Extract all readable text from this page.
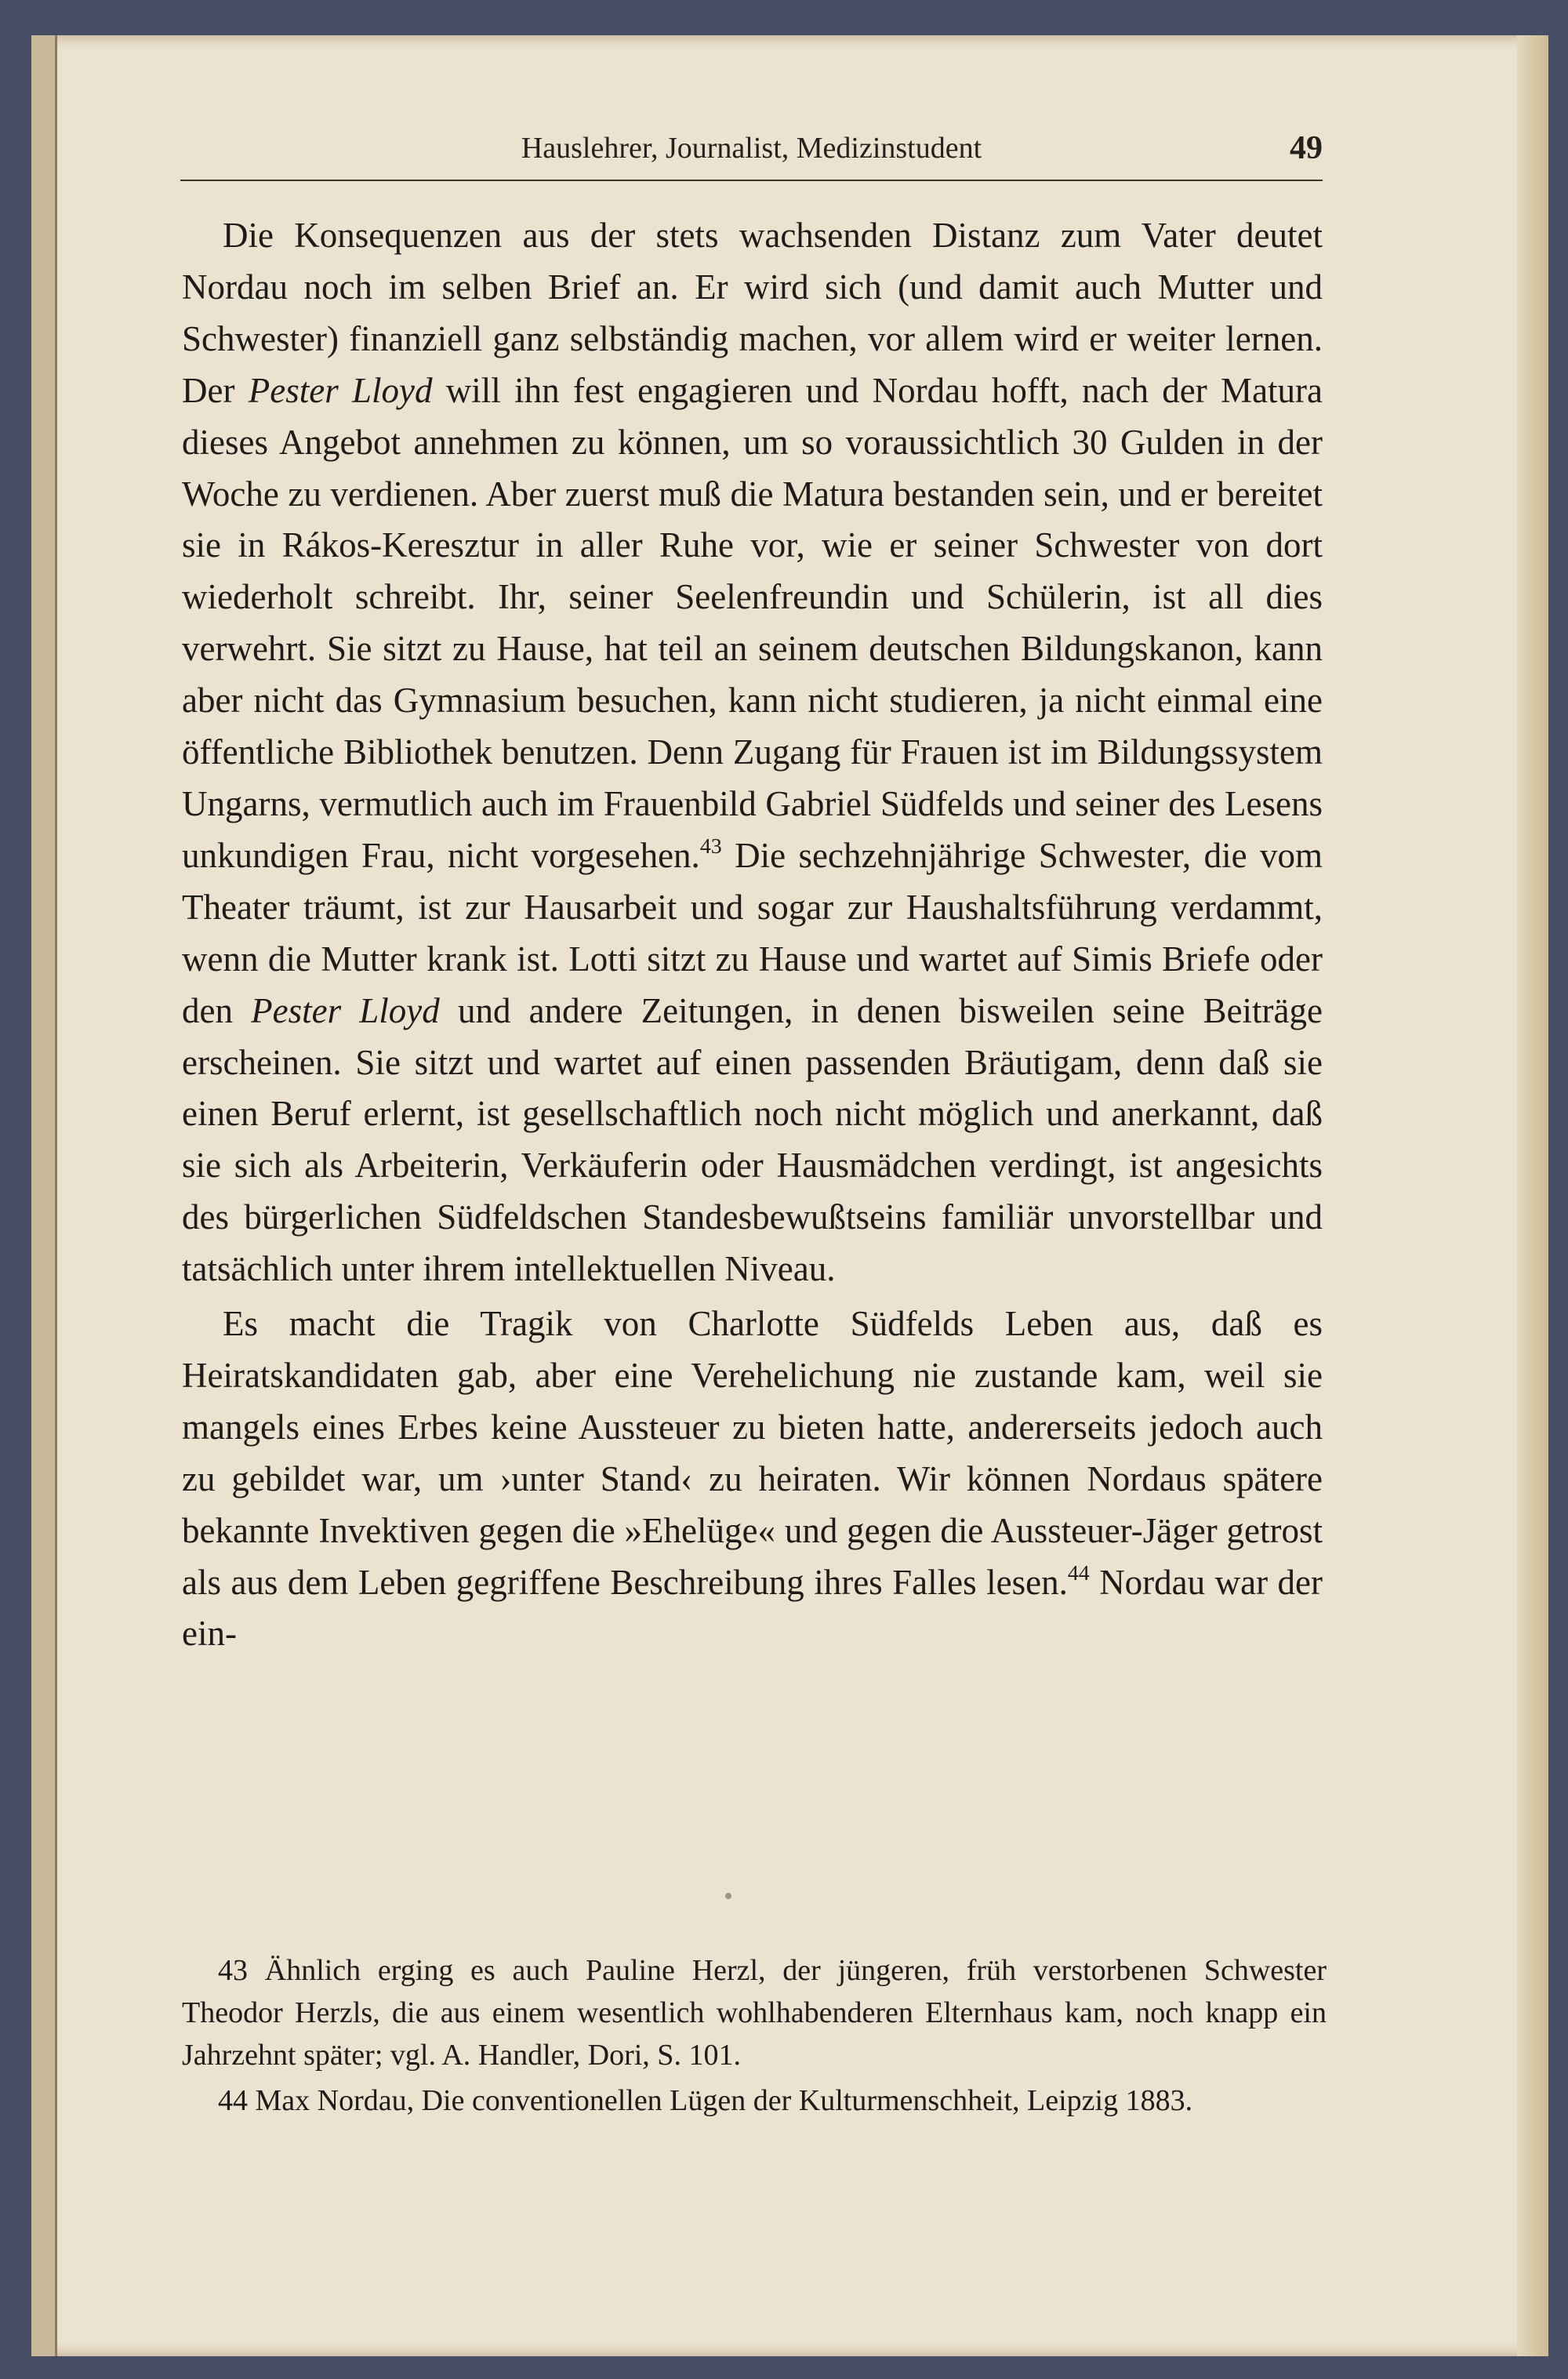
Hauslehrer, Journalist, Medizinstudent	49

Die Konsequenzen aus der stets wachsenden Distanz zum Vater deutet Nordau noch im selben Brief an. Er wird sich (und damit auch Mutter und Schwester) finanziell ganz selbständig machen, vor allem wird er weiter lernen. Der Pester Lloyd will ihn fest engagieren und Nordau hofft, nach der Matura dieses Angebot annehmen zu können, um so voraussichtlich 30 Gulden in der Woche zu verdienen. Aber zuerst muß die Matura bestanden sein, und er bereitet sie in Rákos-Keresztur in aller Ruhe vor, wie er seiner Schwester von dort wiederholt schreibt. Ihr, seiner Seelenfreundin und Schülerin, ist all dies verwehrt. Sie sitzt zu Hause, hat teil an seinem deutschen Bildungskanon, kann aber nicht das Gymnasium besuchen, kann nicht studieren, ja nicht einmal eine öffentliche Bibliothek benutzen. Denn Zugang für Frauen ist im Bildungssystem Ungarns, vermutlich auch im Frauenbild Gabriel Südfelds und seiner des Lesens unkundigen Frau, nicht vorgesehen.$^{43}$ Die sechzehnjährige Schwester, die vom Theater träumt, ist zur Hausarbeit und sogar zur Haushaltsführung verdammt, wenn die Mutter krank ist. Lotti sitzt zu Hause und wartet auf Simis Briefe oder den Pester Lloyd und andere Zeitungen, in denen bisweilen seine Beiträge erscheinen. Sie sitzt und wartet auf einen passenden Bräutigam, denn daß sie einen Beruf erlernt, ist gesellschaftlich noch nicht möglich und anerkannt, daß sie sich als Arbeiterin, Verkäuferin oder Hausmädchen verdingt, ist angesichts des bürgerlichen Südfeldschen Standesbewußtseins familiär unvorstellbar und tatsächlich unter ihrem intellektuellen Niveau.

Es macht die Tragik von Charlotte Südfelds Leben aus, daß es Heiratskandidaten gab, aber eine Verehelichung nie zustande kam, weil sie mangels eines Erbes keine Aussteuer zu bieten hatte, andererseits jedoch auch zu gebildet war, um ›unter Stand‹ zu heiraten. Wir können Nordaus spätere bekannte Invektiven gegen die »Ehelüge« und gegen die Aussteuer-Jäger getrost als aus dem Leben gegriffene Beschreibung ihres Falles lesen.$^{44}$ Nordau war der ein-

43 Ähnlich erging es auch Pauline Herzl, der jüngeren, früh verstorbenen Schwester Theodor Herzls, die aus einem wesentlich wohlhabenderen Elternhaus kam, noch knapp ein Jahrzehnt später; vgl. A. Handler, Dori, S. 101.

44 Max Nordau, Die conventionellen Lügen der Kulturmenschheit, Leipzig 1883.
